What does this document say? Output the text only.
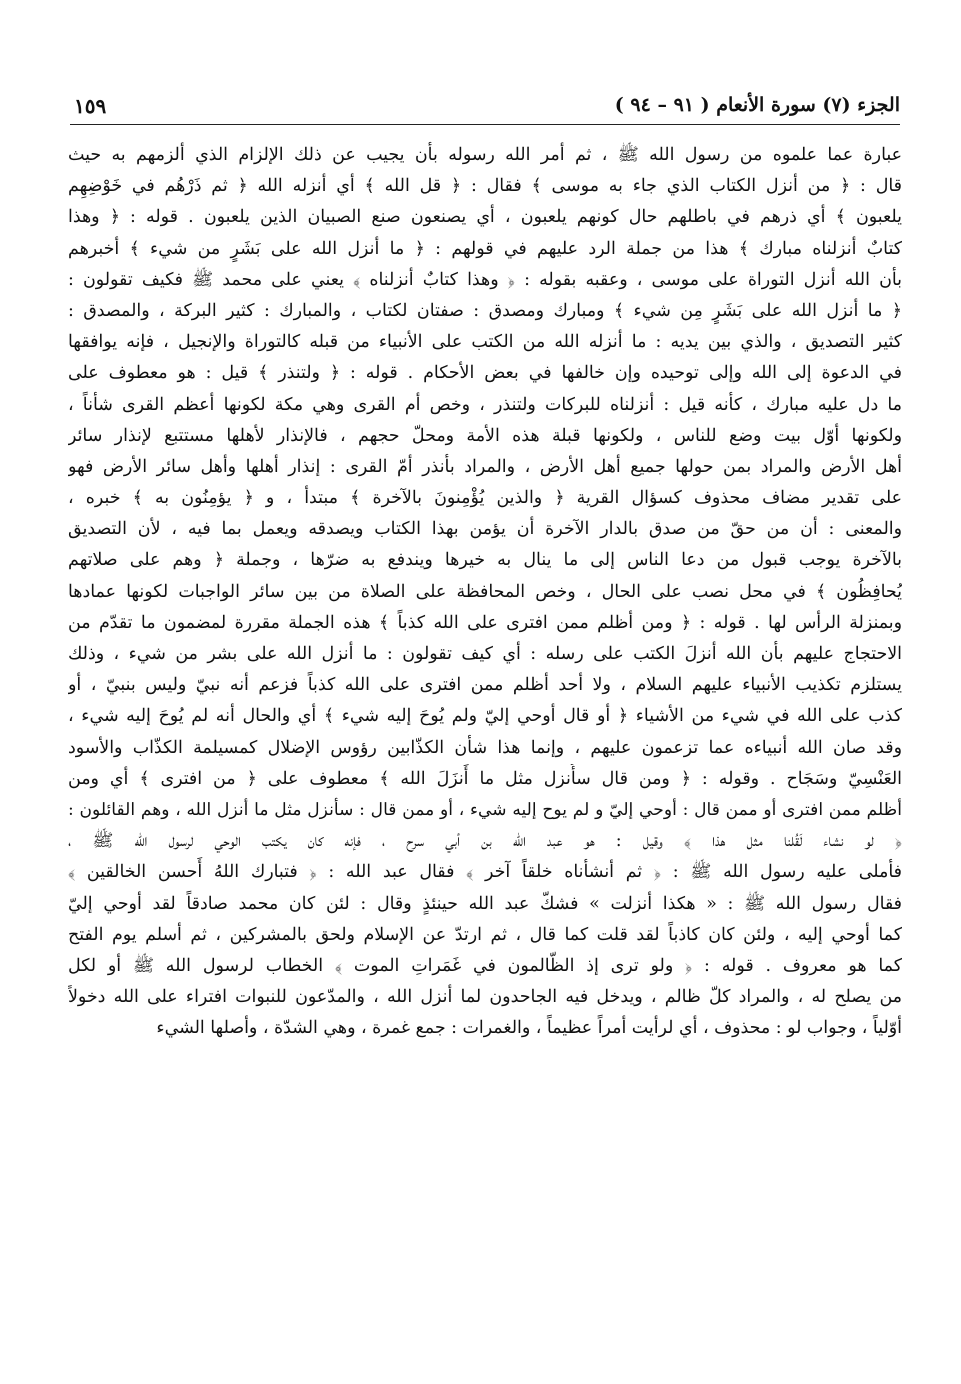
الجزء (٧) سورة الأنعام ( ٩١ – ٩٤ )
١٥٩
عبارة عما علموه من رسول الله ﷺ ، ثم أمر الله رسوله بأن يجيب عن ذلك الإلزام الذي ألزمهم به حيث
قال : ﴿ من أنزل الكتاب الذي جاء به موسى ﴾ فقال : ﴿ قل الله ﴾ أي أنزله الله ﴿ ثم ذَرْهُم في خَوْضِهِم
يلعبون ﴾ أي ذرهم في باطلهم حال كونهم يلعبون ، أي يصنعون صنع الصبيان الذين يلعبون . قوله : ﴿ وهذا
كتابٌ أنزلناه مبارك ﴾ هذا من جملة الرد عليهم في قولهم : ﴿ ما أنزل الله على بَشَرٍ من شيء ﴾ أخبرهم
بأن الله أنزل التوراة على موسى ، وعقبه بقوله : ﴿ وهذا كتابٌ أنزلناه ﴾ يعني على محمد ﷺ فكيف تقولون :
﴿ ما أنزل الله على بَشَرٍ مِن شيء ﴾ ومبارك ومصدق : صفتان لكتاب ، والمبارك : كثير البركة ، والمصدق :
كثير التصديق ، والذي بين يديه : ما أنزله الله من الكتب على الأنبياء من قبله كالتوراة والإنجيل ، فإنه يوافقها
في الدعوة إلى الله وإلى توحيده وإن خالفها في بعض الأحكام . قوله : ﴿ ولتنذر ﴾ قيل : هو معطوف على
ما دل عليه مبارك ، كأنه قيل : أنزلناه للبركات ولتنذر ، وخص أم القرى وهي مكة لكونها أعظم القرى شأناً ،
ولكونها أوّل بيت وضع للناس ، ولكونها قبلة هذه الأمة ومحلّ حجهم ، فالإنذار لأهلها مستتبع لإنذار سائر
أهل الأرض والمراد بمن حولها جميع أهل الأرض ، والمراد بأنذر أمّ القرى : إنذار أهلها وأهل سائر الأرض فهو
على تقدير مضاف محذوف كسؤال القرية ﴿ والذين يُؤْمِنونَ بالآخرة ﴾ مبتدأ ، و ﴿ يؤمِنُون به ﴾ خبره ،
والمعنى : أن من حقّ من صدق بالدار الآخرة أن يؤمن بهذا الكتاب ويصدقه ويعمل بما فيه ، لأن التصديق
بالآخرة يوجب قبول من دعا الناس إلى ما ينال به خيرها ويندفع به ضرّها ، وجملة ﴿ وهم على صلاتهم
يُحافِظُون ﴾ في محل نصب على الحال ، وخص المحافظة على الصلاة من بين سائر الواجبات لكونها عمادها
وبمنزلة الرأس لها . قوله : ﴿ ومن أظلم ممن افترى على الله كذباً ﴾ هذه الجملة مقررة لمضمون ما تقدّم من
الاحتجاج عليهم بأن الله أنزلَ الكتب على رسله : أي كيف تقولون : ما أنزل الله على بشر من شيء ، وذلك
يستلزم تكذيب الأنبياء عليهم السلام ، ولا أحد أظلم ممن افترى على الله كذباً فزعم أنه نبيّ وليس بنبيّ ، أو
كذب على الله في شيء من الأشياء ﴿ أو قال أوحي إليّ ولم يُوحَ إليه شيء ﴾ أي والحال أنه لم يُوحَ إليه شيء ،
وقد صان الله أنبياءه عما تزعمون عليهم ، وإنما هذا شأن الكذّابين رؤوس الإضلال كمسيلمة الكذّاب والأسود
العَنْسِيّ وسَجَاح . وقوله : ﴿ ومن قال سأُنزل مثل ما أَنزَلَ الله ﴾ معطوف على ﴿ من افترى ﴾ أي ومن
أظلم ممن افترى أو ممن قال : أوحي إليّ و لم يوح إليه شيء ، أو ممن قال : سأنزل مثل ما أنزل الله ، وهم القائلون :
﴿ لو نشاء لَقُلنا مثل هذا ﴾ وقيل : هو عبد الله بن أبي سرح ، فإنه كان يكتب الوحي لرسول الله ﷺ ،
فأملى عليه رسول الله ﷺ : ﴿ ثم أنشأناه خلقاً آخر ﴾ فقال عبد الله : ﴿ فتبارك اللهُ أَحسن الخالقين ﴾
فقال رسول الله ﷺ : « هكذا أنزلت » فشكّ عبد الله حينئذٍ وقال : لئن كان محمد صادقاً لقد أوحي إليّ
كما أوحي إليه ، ولئن كان كاذباً لقد قلت كما قال ، ثم ارتدّ عن الإسلام ولحق بالمشركين ، ثم أسلم يوم الفتح
كما هو معروف . قوله : ﴿ ولو ترى إذ الظّالمون في غَمَراتِ الموت ﴾ الخطاب لرسول الله ﷺ أو لكل
من يصلح له ، والمراد كلّ ظالم ، ويدخل فيه الجاحدون لما أنزل الله ، والمدّعون للنبوات افتراء على الله دخولاً
أوّلياً ، وجواب لو : محذوف ، أي لرأيت أمراً عظيماً ، والغمرات : جمع غمرة ، وهي الشدّة ، وأصلها الشيء
